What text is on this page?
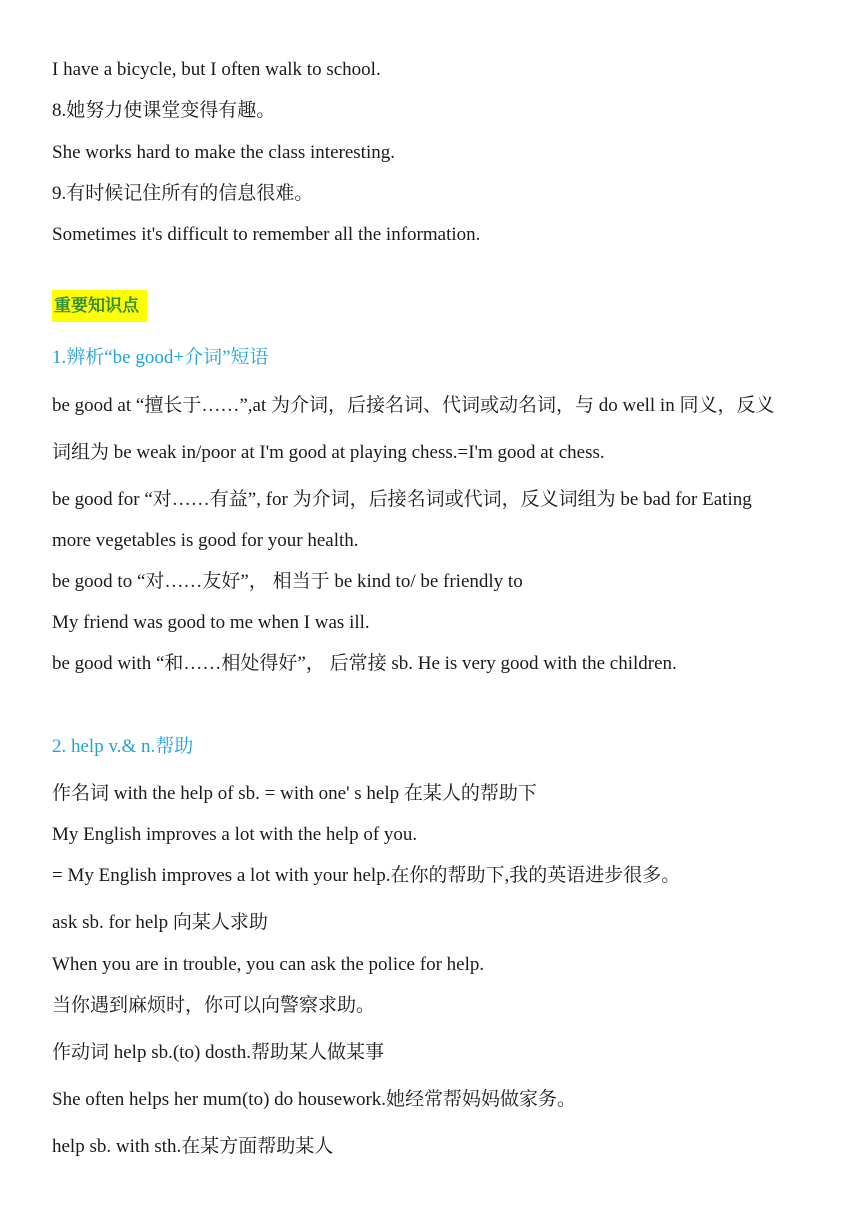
I have a bicycle, but I often walk to school.
8.她努力使课堂变得有趣。
She works hard to make the class interesting.
9.有时候记住所有的信息很难。
Sometimes it's difficult to remember all the information.
重要知识点
1.辨析“be good+介词”短语
be good at “擅长于……”,at 为介词，后接名词、代词或动名词，与 do well in 同义，反义
词组为 be weak in/poor at I'm good at playing chess.=I'm good at chess.
be good for “对……有益”, for 为介词，后接名词或代词，反义词组为 be bad for Eating
more vegetables is good for your health.
be good to “对……友好”， 相当于 be kind to/ be friendly to
My friend was good to me when I was ill.
be good with “和……相处得好”， 后常接 sb. He is very good with the children.
2. help v.& n.帮助
作名词 with the help of sb. = with one' s help 在某人的帮助下
My English improves a lot with the help of you.
= My English improves a lot with your help.在你的帮助下,我的英语进步很多。
ask sb. for help 向某人求助
When you are in trouble, you can ask the police for help.
当你遇到麻烦时，你可以向警察求助。
作动词 help sb.(to) dosth.帮助某人做某事
She often helps her mum(to) do housework.她经常帮妈妈做家务。
help sb. with sth.在某方面帮助某人
